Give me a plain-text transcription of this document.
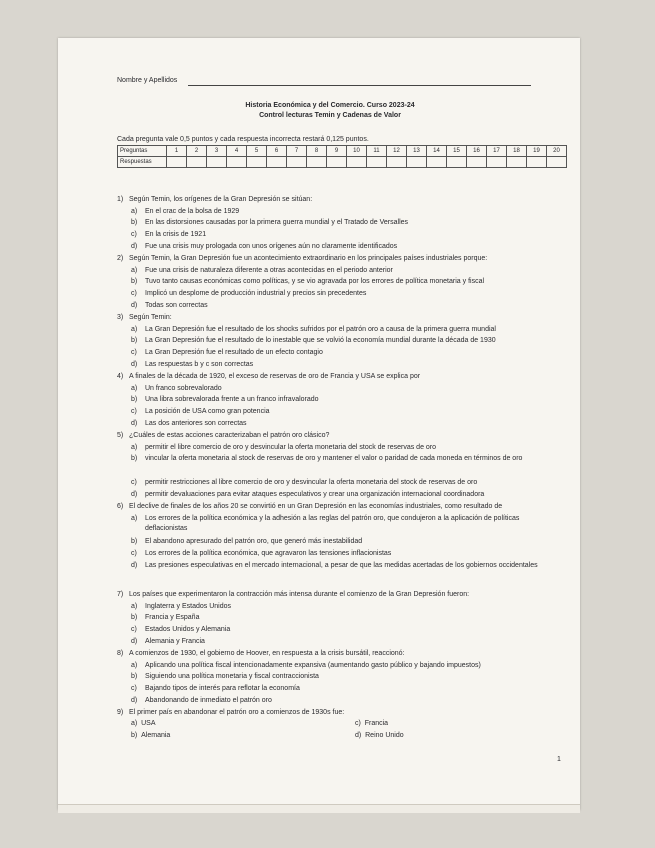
Nombre y Apellidos
Historia Económica y del Comercio. Curso 2023-24
Control lecturas Temin y Cadenas de Valor
Cada pregunta vale 0,5 puntos y cada respuesta incorrecta restará 0,125 puntos.
Preguntas	1	2	3	4	5	6	7	8	9	10	11	12	13	14	15	16	17	18	19	20
Respuestas																				
1) Según Temin, los orígenes de la Gran Depresión se sitúan:
a) En el crac de la bolsa de 1929
b) En las distorsiones causadas por la primera guerra mundial y el Tratado de Versalles
c) En la crisis de 1921
d) Fue una crisis muy prologada con unos orígenes aún no claramente identificados
2) Según Temin, la Gran Depresión fue un acontecimiento extraordinario en los principales países industriales porque:
a) Fue una crisis de naturaleza diferente a otras acontecidas en el periodo anterior
b) Tuvo tanto causas económicas como políticas, y se vio agravada por los errores de política monetaria y fiscal
c) Implicó un desplome de producción industrial y precios sin precedentes
d) Todas son correctas
3) Según Temin:
a) La Gran Depresión fue el resultado de los shocks sufridos por el patrón oro a causa de la primera guerra mundial
b) La Gran Depresión fue el resultado de lo inestable que se volvió la economía mundial durante la década de 1930
c) La Gran Depresión fue el resultado de un efecto contagio
d) Las respuestas b y c son correctas
4) A finales de la década de 1920, el exceso de reservas de oro de Francia y USA se explica por
a) Un franco sobrevalorado
b) Una libra sobrevalorada frente a un franco infravalorado
c) La posición de USA como gran potencia
d) Las dos anteriores son correctas
5) ¿Cuáles de estas acciones caracterizaban el patrón oro clásico?
a) permitir el libre comercio de oro y desvincular la oferta monetaria del stock de reservas de oro
b) vincular la oferta monetaria al stock de reservas de oro y mantener el valor o paridad de cada moneda en términos de oro
c) permitir restricciones al libre comercio de oro y desvincular la oferta monetaria del stock de reservas de oro
d) permitir devaluaciones para evitar ataques especulativos y crear una organización internacional coordinadora
6) El declive de finales de los años 20 se convirtió en un Gran Depresión en las economías industriales, como resultado de
a) Los errores de la política económica y la adhesión a las reglas del patrón oro, que condujeron a la aplicación de políticas deflacionistas
b) El abandono apresurado del patrón oro, que generó más inestabilidad
c) Los errores de la política económica, que agravaron las tensiones inflacionistas
d) Las presiones especulativas en el mercado internacional, a pesar de que las medidas acertadas de los gobiernos occidentales
7) Los países que experimentaron la contracción más intensa durante el comienzo de la Gran Depresión fueron:
a) Inglaterra y Estados Unidos
b) Francia y España
c) Estados Unidos y Alemania
d) Alemania y Francia
8) A comienzos de 1930, el gobierno de Hoover, en respuesta a la crisis bursátil, reaccionó:
a) Aplicando una política fiscal intencionadamente expansiva (aumentando gasto público y bajando impuestos)
b) Siguiendo una política monetaria y fiscal contraccionista
c) Bajando tipos de interés para reflotar la economía
d) Abandonando de inmediato el patrón oro
9) El primer país en abandonar el patrón oro a comienzos de 1930s fue:
a) USA
b) Alemania
c) Francia
d) Reino Unido
1
